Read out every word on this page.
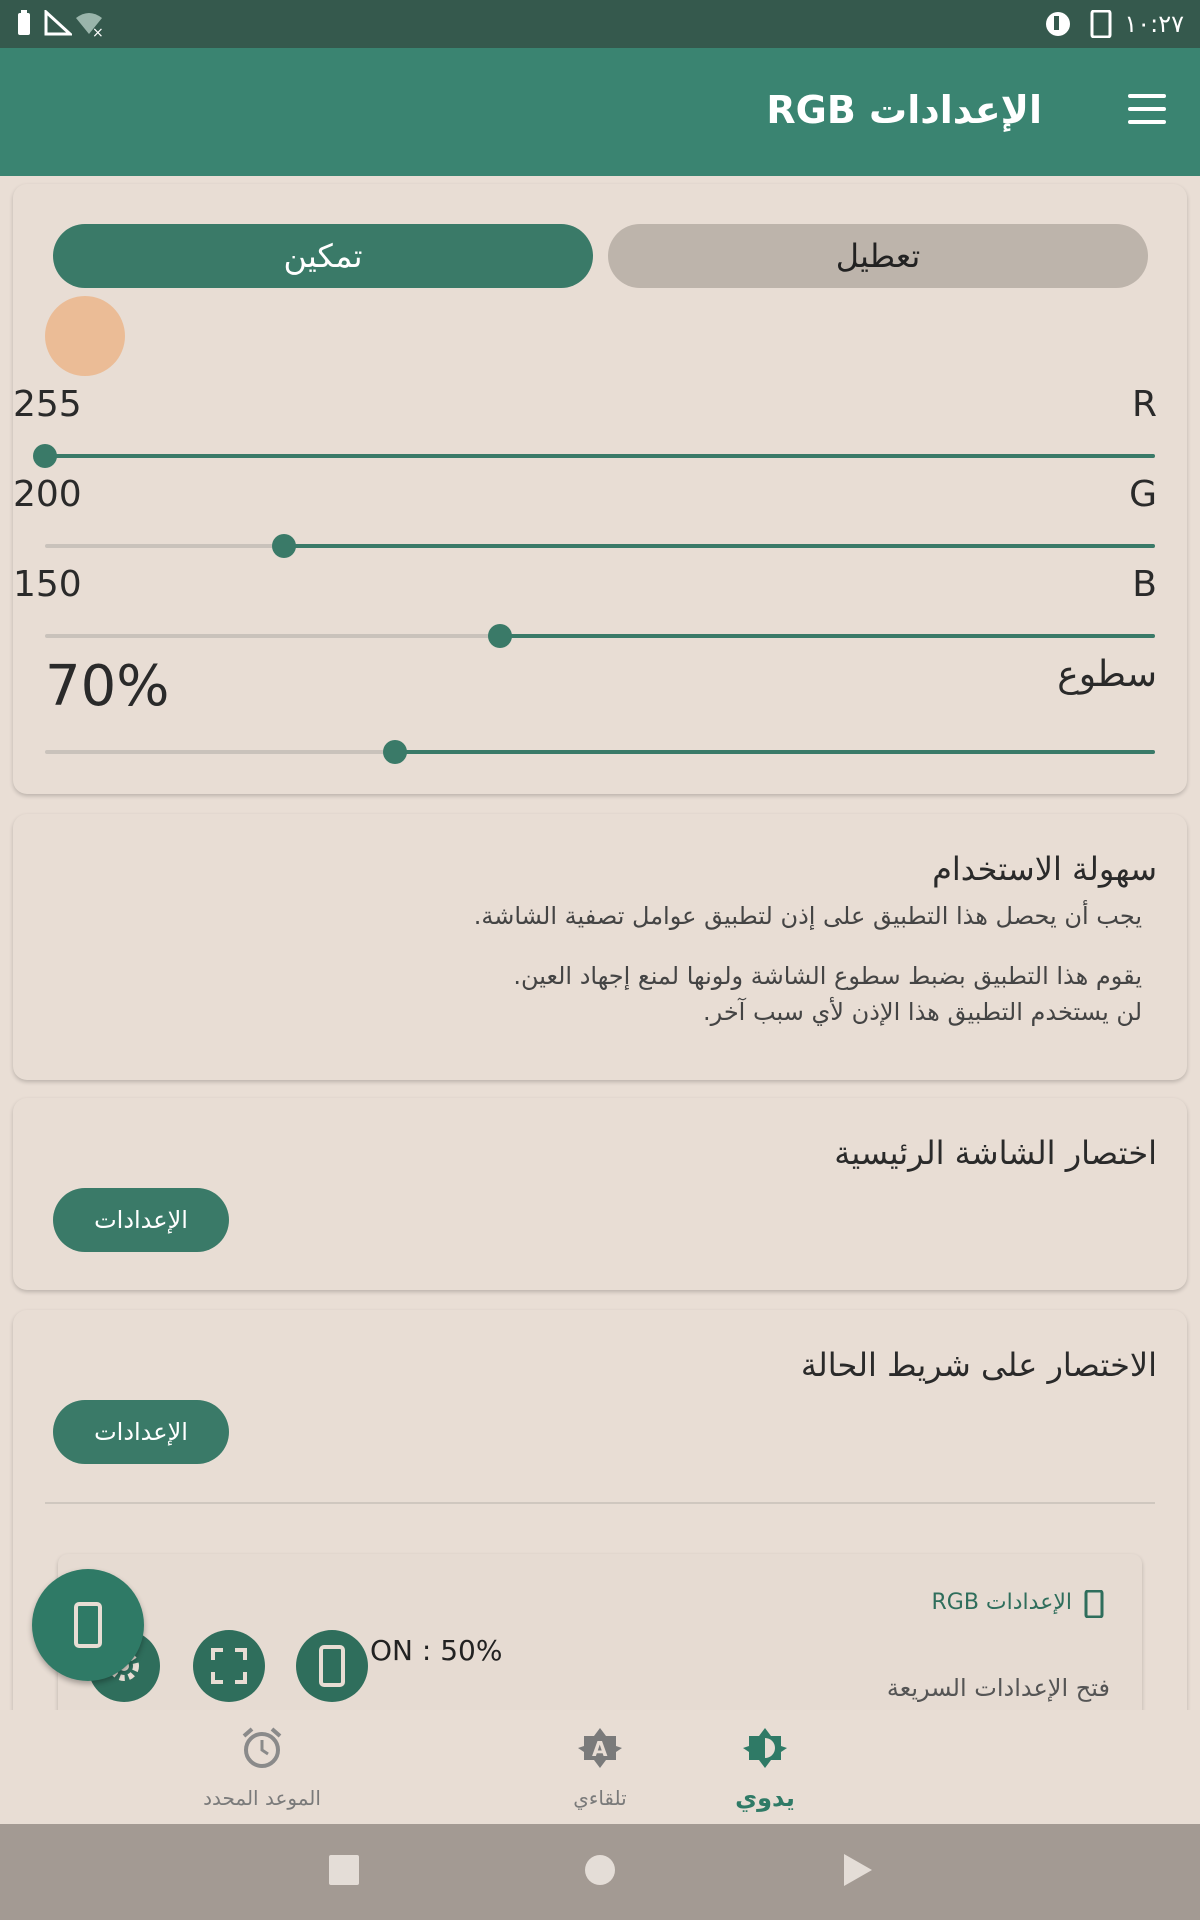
×	١٠:٢٧
الإعدادات RGB
تمكين	تعطيل
255	R
200	G
150	B
سطوع
70%
سهولة الاستخدام
يجب أن يحصل هذا التطبيق على إذن لتطبيق عوامل تصفية الشاشة.
يقوم هذا التطبيق بضبط سطوع الشاشة ولونها لمنع إجهاد العين.
لن يستخدم التطبيق هذا الإذن لأي سبب آخر.
اختصار الشاشة الرئيسية
الإعدادات
الاختصار على شريط الحالة
الإعدادات
الإعدادات RGB
ON : 50%
فتح الإعدادات السريعة
يدوي
A
تلقاءي
الموعد المحدد
